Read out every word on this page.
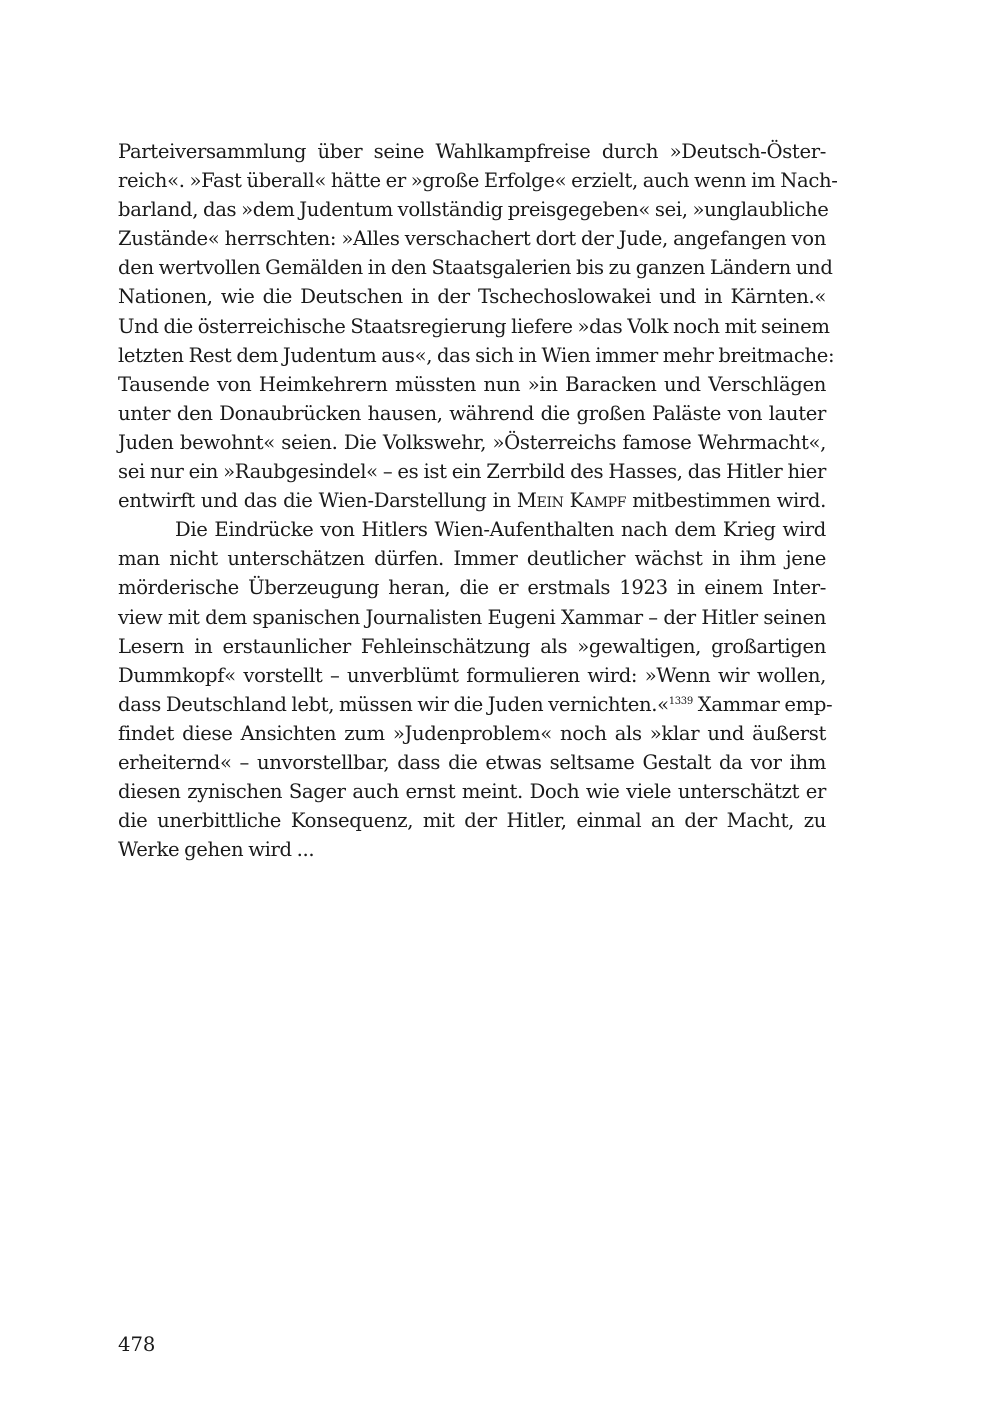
Parteiversammlung über seine Wahlkampfreise durch »Deutsch-Öster-
reich«. »Fast überall« hätte er »große Erfolge« erzielt, auch wenn im Nach-
barland, das »dem Judentum vollständig preisgegeben« sei, »unglaubliche
Zustände« herrschten: »Alles verschachert dort der Jude, angefangen von
den wertvollen Gemälden in den Staatsgalerien bis zu ganzen Ländern und
Nationen, wie die Deutschen in der Tschechoslowakei und in Kärnten.«
Und die österreichische Staatsregierung liefere »das Volk noch mit seinem
letzten Rest dem Judentum aus«, das sich in Wien immer mehr breitmache:
Tausende von Heimkehrern müssten nun »in Baracken und Verschlägen
unter den Donaubrücken hausen, während die großen Paläste von lauter
Juden bewohnt« seien. Die Volkswehr, »Österreichs famose Wehrmacht«,
sei nur ein »Raubgesindel« – es ist ein Zerrbild des Hasses, das Hitler hier
entwirft und das die Wien-Darstellung in Mein Kampf mitbestimmen wird.
Die Eindrücke von Hitlers Wien-Aufenthalten nach dem Krieg wird
man nicht unterschätzen dürfen. Immer deutlicher wächst in ihm jene
mörderische Überzeugung heran, die er erstmals 1923 in einem Inter-
view mit dem spanischen Journalisten Eugeni Xammar – der Hitler seinen
Lesern in erstaunlicher Fehleinschätzung als »gewaltigen, großartigen
Dummkopf« vorstellt – unverblümt formulieren wird: »Wenn wir wollen,
dass Deutschland lebt, müssen wir die Juden vernichten.«$^{1339}$ Xammar emp-
findet diese Ansichten zum »Judenproblem« noch als »klar und äußerst
erheiternd« – unvorstellbar, dass die etwas seltsame Gestalt da vor ihm
diesen zynischen Sager auch ernst meint. Doch wie viele unterschätzt er
die unerbittliche Konsequenz, mit der Hitler, einmal an der Macht, zu
Werke gehen wird ...
478
